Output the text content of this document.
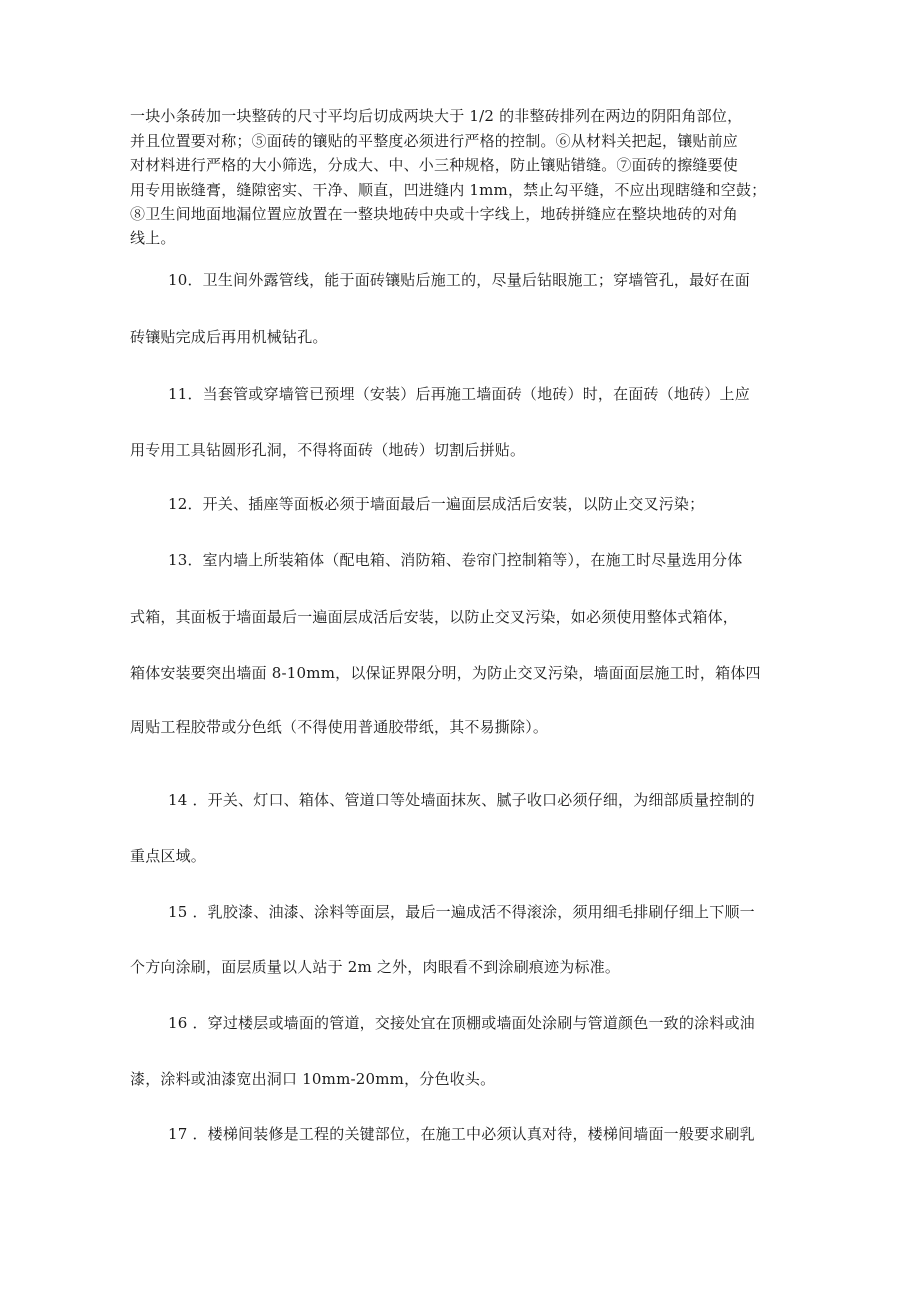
一块小条砖加一块整砖的尺寸平均后切成两块大于 1/2 的非整砖排列在两边的阴阳角部位，
并且位置要对称；⑤面砖的镶贴的平整度必须进行严格的控制。⑥从材料关把起，镶贴前应
对材料进行严格的大小筛选，分成大、中、小三种规格，防止镶贴错缝。⑦面砖的擦缝要使
用专用嵌缝膏，缝隙密实、干净、顺直，凹进缝内 1mm，禁止勾平缝，不应出现瞎缝和空鼓；
⑧卫生间地面地漏位置应放置在一整块地砖中央或十字线上，地砖拼缝应在整块地砖的对角
线上。
10．卫生间外露管线，能于面砖镶贴后施工的，尽量后钻眼施工；穿墙管孔，最好在面
砖镶贴完成后再用机械钻孔。
11．当套管或穿墙管已预埋（安装）后再施工墙面砖（地砖）时，在面砖（地砖）上应
用专用工具钻圆形孔洞，不得将面砖（地砖）切割后拼贴。
12．开关、插座等面板必须于墙面最后一遍面层成活后安装，以防止交叉污染；
13．室内墙上所装箱体（配电箱、消防箱、卷帘门控制箱等），在施工时尽量选用分体
式箱，其面板于墙面最后一遍面层成活后安装，以防止交叉污染，如必须使用整体式箱体，
箱体安装要突出墙面 8-10mm，以保证界限分明，为防止交叉污染，墙面面层施工时，箱体四
周贴工程胶带或分色纸（不得使用普通胶带纸，其不易撕除）。
14 ．开关、灯口、箱体、管道口等处墙面抹灰、腻子收口必须仔细，为细部质量控制的
重点区域。
15 ．乳胶漆、油漆、涂料等面层，最后一遍成活不得滚涂，须用细毛排刷仔细上下顺一
个方向涂刷，面层质量以人站于 2m 之外，肉眼看不到涂刷痕迹为标准。
16 ．穿过楼层或墙面的管道，交接处宜在顶棚或墙面处涂刷与管道颜色一致的涂料或油
漆，涂料或油漆宽出洞口 10mm-20mm，分色收头。
17 ．楼梯间装修是工程的关键部位，在施工中必须认真对待，楼梯间墙面一般要求刷乳
